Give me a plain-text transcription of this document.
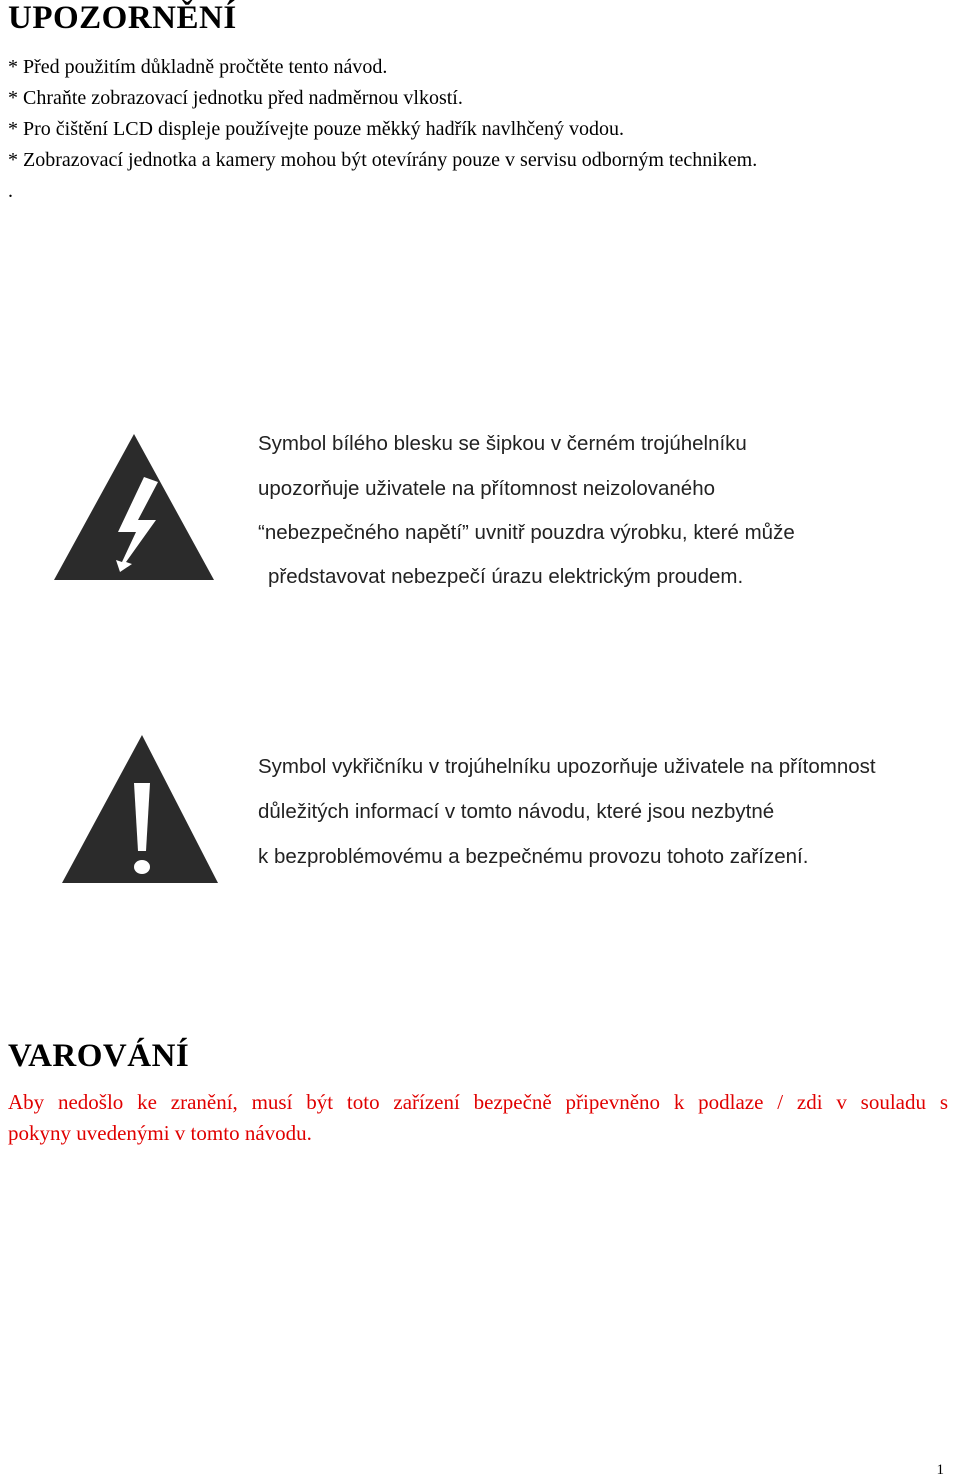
UPOZORNĚNÍ
* Před použitím důkladně pročtěte tento návod.
* Chraňte zobrazovací jednotku před nadměrnou vlkostí.
* Pro čištění LCD displeje používejte pouze měkký hadřík navlhčený vodou.
* Zobrazovací jednotka a kamery mohou být otevírány pouze v servisu odborným technikem.
.
Symbol bílého blesku se šipkou v černém trojúhelníku
upozorňuje uživatele na přítomnost neizolovaného
“nebezpečného napětí” uvnitř pouzdra výrobku, které může
představovat nebezpečí úrazu elektrickým proudem.
Symbol vykřičníku v trojúhelníku upozorňuje uživatele na přítomnost
důležitých informací v tomto návodu, které jsou nezbytné
k bezproblémovému a bezpečnému provozu tohoto zařízení.
VAROVÁNÍ
Aby nedošlo ke zranění, musí být toto zařízení bezpečně připevněno k podlaze / zdi v souladu s
pokyny uvedenými v tomto návodu.
1
